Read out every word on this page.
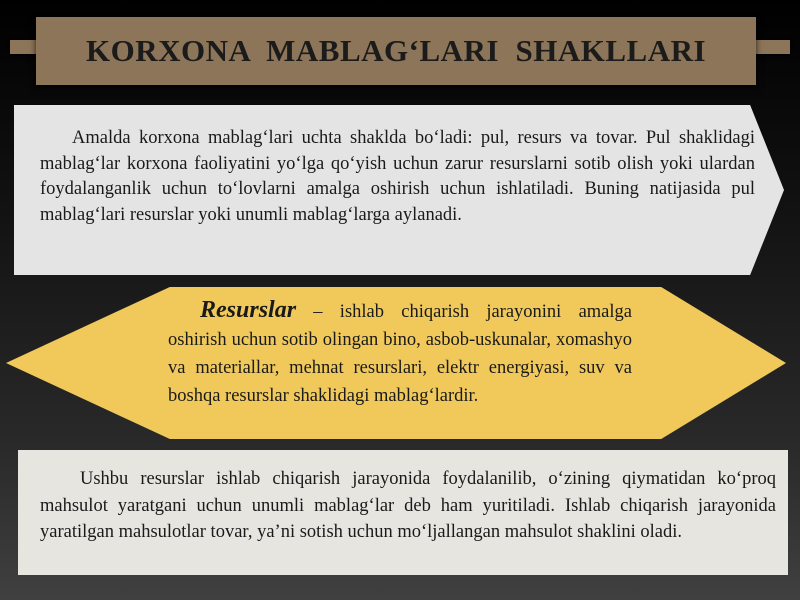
KORXONA  MABLAG‘LARI  SHAKLLARI
Amalda korxona mablag‘lari uchta shaklda bo‘ladi: pul, resurs va tovar. Pul shaklidagi mablag‘lar korxona faoliyatini yo‘lga qo‘yish uchun zarur resurslarni sotib olish yoki ulardan foydalanganlik uchun to‘lovlarni amalga oshirish uchun ishlatiladi. Buning natijasida pul mablag‘lari resurslar yoki unumli mablag‘larga aylanadi.
Resurslar – ishlab chiqarish jarayonini amalga oshirish uchun sotib olingan bino, asbob-uskunalar, xomashyo va materiallar, mehnat resurslari, elektr energiyasi, suv va boshqa resurslar shaklidagi mablag‘lardir.
Ushbu resurslar ishlab chiqarish jarayonida foydalanilib, o‘zining qiymatidan ko‘proq mahsulot yaratgani uchun unumli mablag‘lar deb ham yuritiladi. Ishlab chiqarish jarayonida yaratilgan mahsulotlar tovar, ya’ni sotish uchun mo‘ljallangan mahsulot shaklini oladi.
